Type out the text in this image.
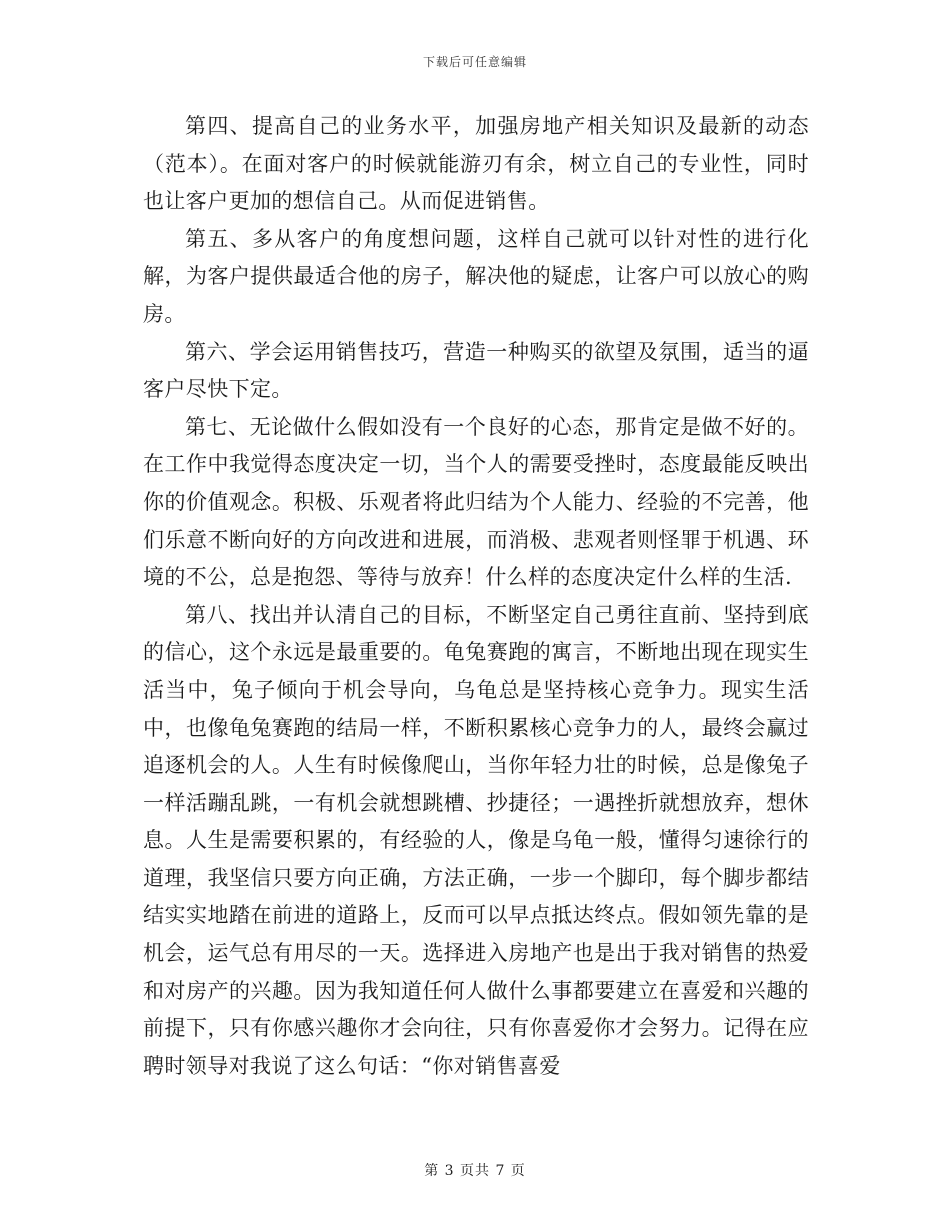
下载后可任意编辑

第四、提高自己的业务水平，加强房地产相关知识及最新的动态（范本）。在面对客户的时候就能游刃有余，树立自己的专业性，同时也让客户更加的想信自己。从而促进销售。

第五、多从客户的角度想问题，这样自己就可以针对性的进行化解，为客户提供最适合他的房子，解决他的疑虑，让客户可以放心的购房。

第六、学会运用销售技巧，营造一种购买的欲望及氛围，适当的逼客户尽快下定。

第七、无论做什么假如没有一个良好的心态，那肯定是做不好的。在工作中我觉得态度决定一切，当个人的需要受挫时，态度最能反映出你的价值观念。积极、乐观者将此归结为个人能力、经验的不完善，他们乐意不断向好的方向改进和进展，而消极、悲观者则怪罪于机遇、环境的不公，总是抱怨、等待与放弃！什么样的态度决定什么样的生活.

第八、找出并认清自己的目标，不断坚定自己勇往直前、坚持到底的信心，这个永远是最重要的。龟兔赛跑的寓言，不断地出现在现实生活当中，兔子倾向于机会导向，乌龟总是坚持核心竞争力。现实生活中，也像龟兔赛跑的结局一样，不断积累核心竞争力的人，最终会赢过追逐机会的人。人生有时候像爬山，当你年轻力壮的时候，总是像兔子一样活蹦乱跳，一有机会就想跳槽、抄捷径；一遇挫折就想放弃，想休息。人生是需要积累的，有经验的人，像是乌龟一般，懂得匀速徐行的道理，我坚信只要方向正确，方法正确，一步一个脚印，每个脚步都结结实实地踏在前进的道路上，反而可以早点抵达终点。假如领先靠的是机会，运气总有用尽的一天。选择进入房地产也是出于我对销售的热爱和对房产的兴趣。因为我知道任何人做什么事都要建立在喜爱和兴趣的前提下，只有你感兴趣你才会向往，只有你喜爱你才会努力。记得在应聘时领导对我说了这么句话：“你对销售喜爱

第 3 页共 7 页
